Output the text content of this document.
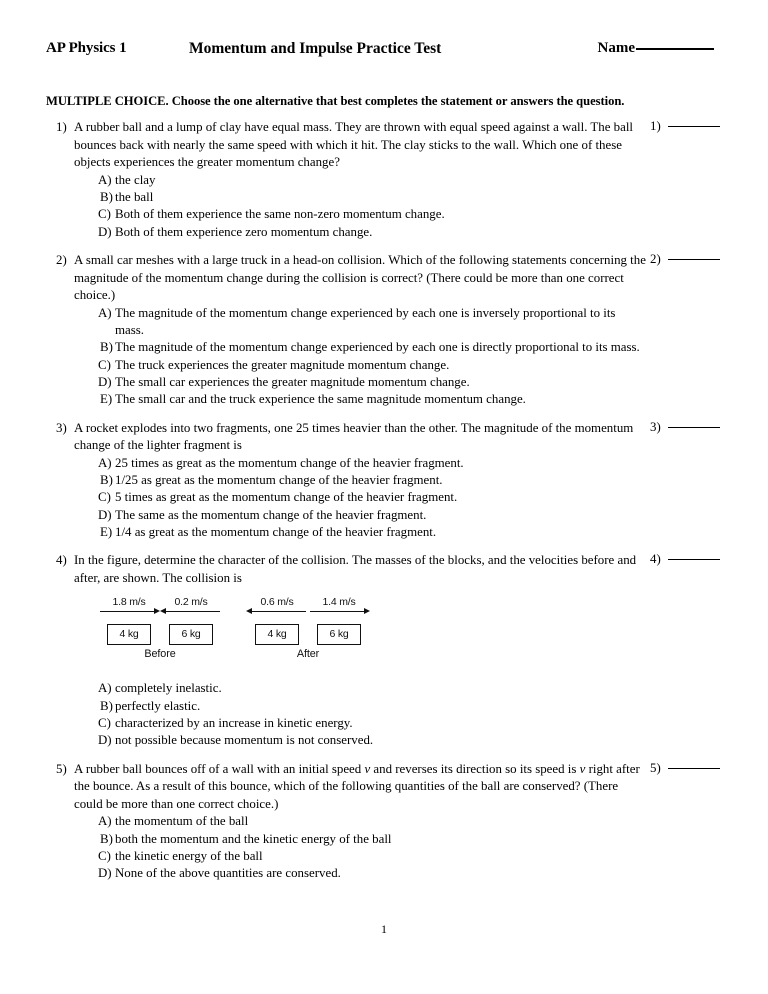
AP Physics 1	Momentum and Impulse Practice Test	Name
MULTIPLE CHOICE. Choose the one alternative that best completes the statement or answers the question.
1) A rubber ball and a lump of clay have equal mass. They are thrown with equal speed against a wall. The ball bounces back with nearly the same speed with which it hit. The clay sticks to the wall. Which one of these objects experiences the greater momentum change?
A) the clay
B) the ball
C) Both of them experience the same non-zero momentum change.
D) Both of them experience zero momentum change.
1)
2) A small car meshes with a large truck in a head-on collision. Which of the following statements concerning the magnitude of the momentum change during the collision is correct? (There could be more than one correct choice.)
A) The magnitude of the momentum change experienced by each one is inversely proportional to its mass.
B) The magnitude of the momentum change experienced by each one is directly proportional to its mass.
C) The truck experiences the greater magnitude momentum change.
D) The small car experiences the greater magnitude momentum change.
E) The small car and the truck experience the same magnitude momentum change.
2)
3) A rocket explodes into two fragments, one 25 times heavier than the other. The magnitude of the momentum change of the lighter fragment is
A) 25 times as great as the momentum change of the heavier fragment.
B) 1/25 as great as the momentum change of the heavier fragment.
C) 5 times as great as the momentum change of the heavier fragment.
D) The same as the momentum change of the heavier fragment.
E) 1/4 as great as the momentum change of the heavier fragment.
3)
4) In the figure, determine the character of the collision. The masses of the blocks, and the velocities before and after, are shown. The collision is
1.8 m/s
4 kg
0.2 m/s
6 kg
0.6 m/s
4 kg
1.4 m/s
6 kg
Before	After
A) completely inelastic.
B) perfectly elastic.
C) characterized by an increase in kinetic energy.
D) not possible because momentum is not conserved.
4)
5) A rubber ball bounces off of a wall with an initial speed v and reverses its direction so its speed is v right after the bounce. As a result of this bounce, which of the following quantities of the ball are conserved? (There could be more than one correct choice.)
A) the momentum of the ball
B) both the momentum and the kinetic energy of the ball
C) the kinetic energy of the ball
D) None of the above quantities are conserved.
5)
1
